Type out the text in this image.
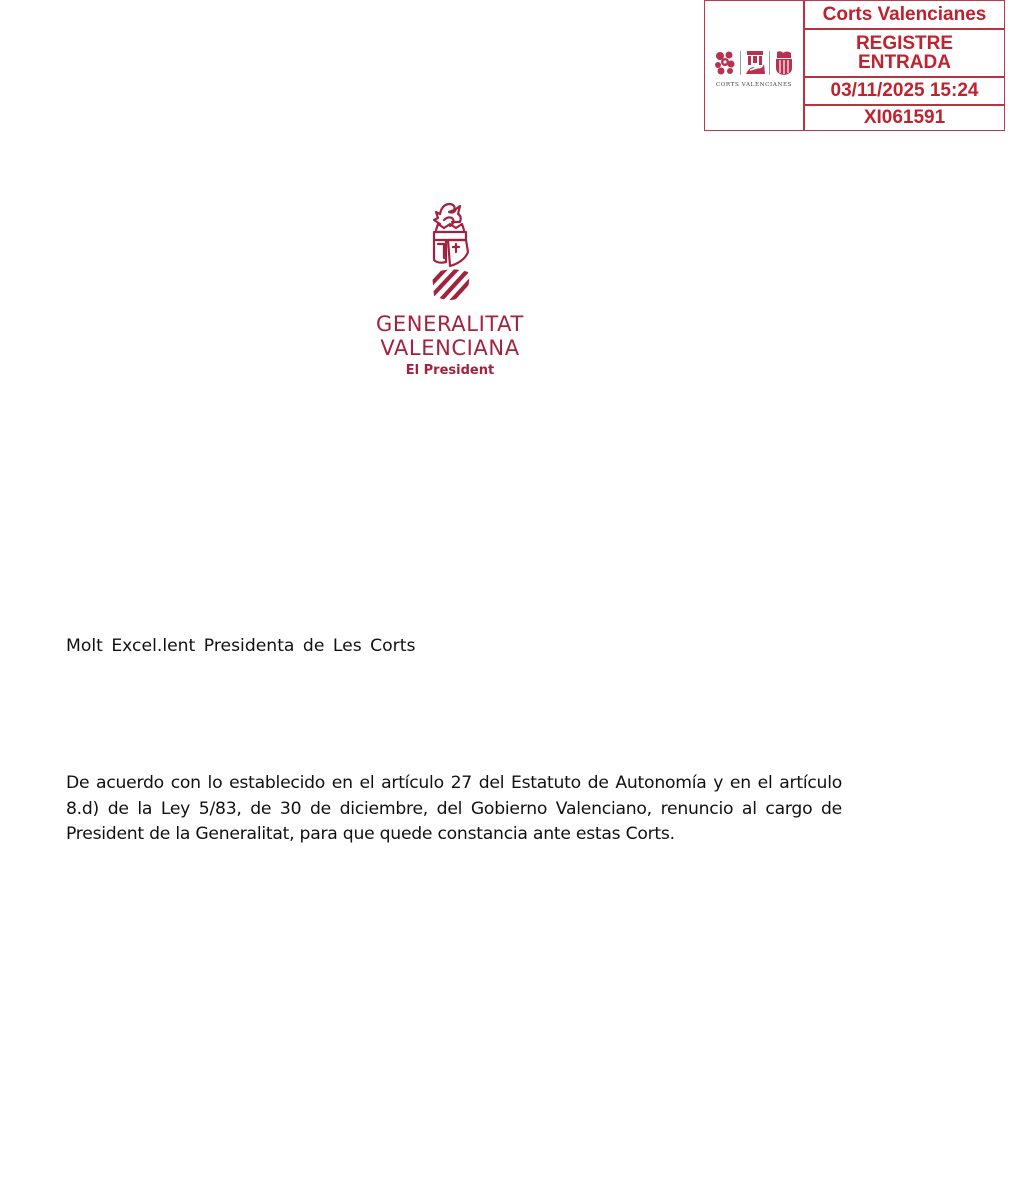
CORTS VALENCIANES
Corts Valencianes
REGISTRE
ENTRADA
03/11/2025 15:24
XI061591
GENERALITAT
VALENCIANA
El President
Molt Excel.lent Presidenta de Les Corts
De acuerdo con lo establecido en el artículo 27 del Estatuto de Autonomía y en el artículo 8.d) de la Ley 5/83, de 30 de diciembre, del Gobierno Valenciano, renuncio al cargo de President de la Generalitat, para que quede constancia ante estas Corts.
